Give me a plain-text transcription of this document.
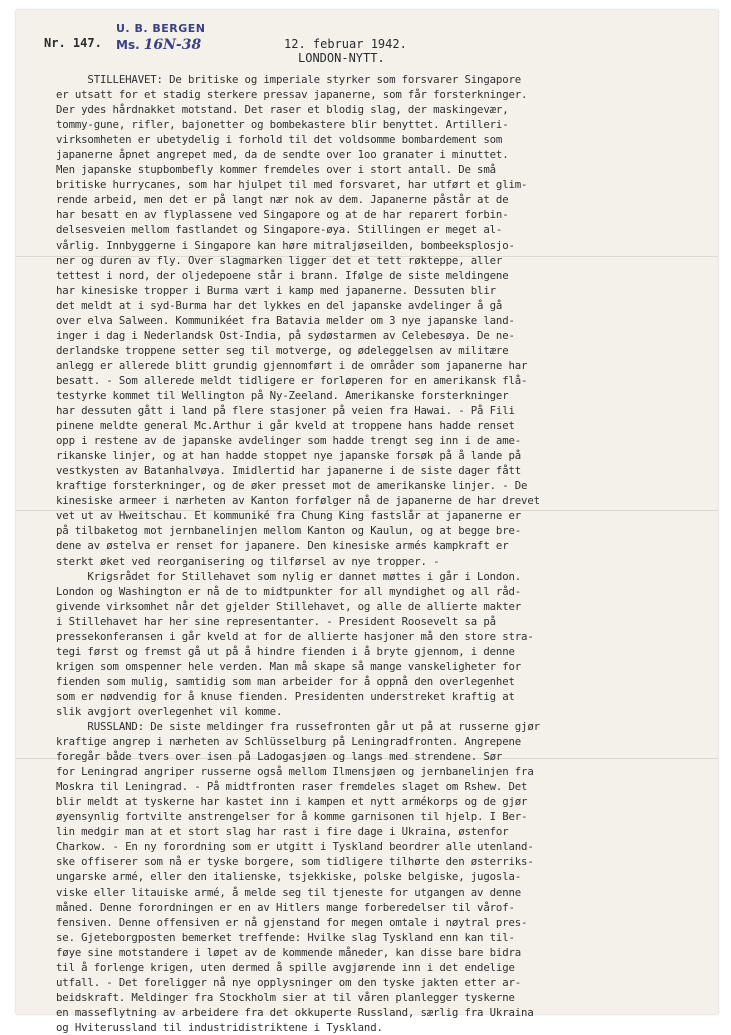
U. B. BERGEN
Ms. 16N-38
Nr. 147.	12. februar 1942.
LONDON-NYTT.
STILLEHAVET: De britiske og imperiale styrker som forsvarer Singapore
er utsatt for et stadig sterkere pressav japanerne, som får forsterkninger.
Der ydes hårdnakket motstand. Det raser et blodig slag, der maskingevær,
tommy-gune, rifler, bajonetter og bombekastere blir benyttet. Artilleri-
virksomheten er ubetydelig i forhold til det voldsomme bombardement som
japanerne åpnet angrepet med, da de sendte over 1oo granater i minuttet.
Men japanske stupbombefly kommer fremdeles over i stort antall. De små
britiske hurrycanes, som har hjulpet til med forsvaret, har utført et glim-
rende arbeid, men det er på langt nær nok av dem. Japanerne påstår at de
har besatt en av flyplassene ved Singapore og at de har reparert forbin-
delsesveien mellom fastlandet og Singapore-øya. Stillingen er meget al-
vårlig. Innbyggerne i Singapore kan høre mitraljøseilden, bombeeksplosjo-
ner og duren av fly. Over slagmarken ligger det et tett røkteppe, aller
tettest i nord, der oljedepoene står i brann. Ifølge de siste meldingene
har kinesiske tropper i Burma vært i kamp med japanerne. Dessuten blir
det meldt at i syd-Burma har det lykkes en del japanske avdelinger å gå
over elva Salween. Kommunikéet fra Batavia melder om 3 nye japanske land-
inger i dag i Nederlandsk Ost-India, på sydøstarmen av Celebesøya. De ne-
derlandske troppene setter seg til motverge, og ødeleggelsen av militære
anlegg er allerede blitt grundig gjennomført i de områder som japanerne har
besatt. - Som allerede meldt tidligere er forløperen for en amerikansk flå-
testyrke kommet til Wellington på Ny-Zeeland. Amerikanske forsterkninger
har dessuten gått i land på flere stasjoner på veien fra Hawai. - På Fili
pinene meldte general Mc.Arthur i går kveld at troppene hans hadde renset
opp i restene av de japanske avdelinger som hadde trengt seg inn i de ame-
rikanske linjer, og at han hadde stoppet nye japanske forsøk på å lande på
vestkysten av Batanhalvøya. Imidlertid har japanerne i de siste dager fått
kraftige forsterkninger, og de øker presset mot de amerikanske linjer. - De
kinesiske armeer i nærheten av Kanton forfølger nå de japanerne de har drevet
vet ut av Hweitschau. Et kommuniké fra Chung King fastslår at japanerne er
på tilbaketog mot jernbanelinjen mellom Kanton og Kaulun, og at begge bre-
dene av østelva er renset for japanere. Den kinesiske armés kampkraft er
sterkt øket ved reorganisering og tilførsel av nye tropper. -
Krigsrådet for Stillehavet som nylig er dannet møttes i går i London.
London og Washington er nå de to midtpunkter for all myndighet og all råd-
givende virksomhet når det gjelder Stillehavet, og alle de allierte makter
i Stillehavet har her sine representanter. - President Roosevelt sa på
pressekonferansen i går kveld at for de allierte hasjoner må den store stra-
tegi først og fremst gå ut på å hindre fienden i å bryte gjennom, i denne
krigen som omspenner hele verden. Man må skape så mange vanskeligheter for
fienden som mulig, samtidig som man arbeider for å oppnå den overlegenhet
som er nødvendig for å knuse fienden. Presidenten understreket kraftig at
slik avgjort overlegenhet vil komme.
RUSSLAND: De siste meldinger fra russefronten går ut på at russerne gjør
kraftige angrep i nærheten av Schlüsselburg på Leningradfronten. Angrepene
foregår både tvers over isen på Ladogasjøen og langs med strendene. Sør
for Leningrad angriper russerne også mellom Ilmensjøen og jernbanelinjen fra
Moskra til Leningrad. - På midtfronten raser fremdeles slaget om Rshew. Det
blir meldt at tyskerne har kastet inn i kampen et nytt armékorps og de gjør
øyensynlig fortvilte anstrengelser for å komme garnisonen til hjelp. I Ber-
lin medgir man at et stort slag har rast i fire dage i Ukraina, østenfor
Charkow. - En ny forordning som er utgitt i Tyskland beordrer alle utenland-
ske offiserer som nå er tyske borgere, som tidligere tilhørte den østerriks-
ungarske armé, eller den italienske, tsjekkiske, polske belgiske, jugosla-
viske eller litauiske armé, å melde seg til tjeneste for utgangen av denne
måned. Denne forordningen er en av Hitlers mange forberedelser til vårof-
fensiven. Denne offensiven er nå gjenstand for megen omtale i nøytral pres-
se. Gjeteborgposten bemerket treffende: Hvilke slag Tyskland enn kan til-
føye sine motstandere i løpet av de kommende måneder, kan disse bare bidra
til å forlenge krigen, uten dermed å spille avgjørende inn i det endelige
utfall. - Det foreligger nå nye opplysninger om den tyske jakten etter ar-
beidskraft. Meldinger fra Stockholm sier at til våren planlegger tyskerne
en masseflytning av arbeidere fra det okkuperte Russland, særlig fra Ukraina
og Hviterussland til industridistriktene i Tyskland.
